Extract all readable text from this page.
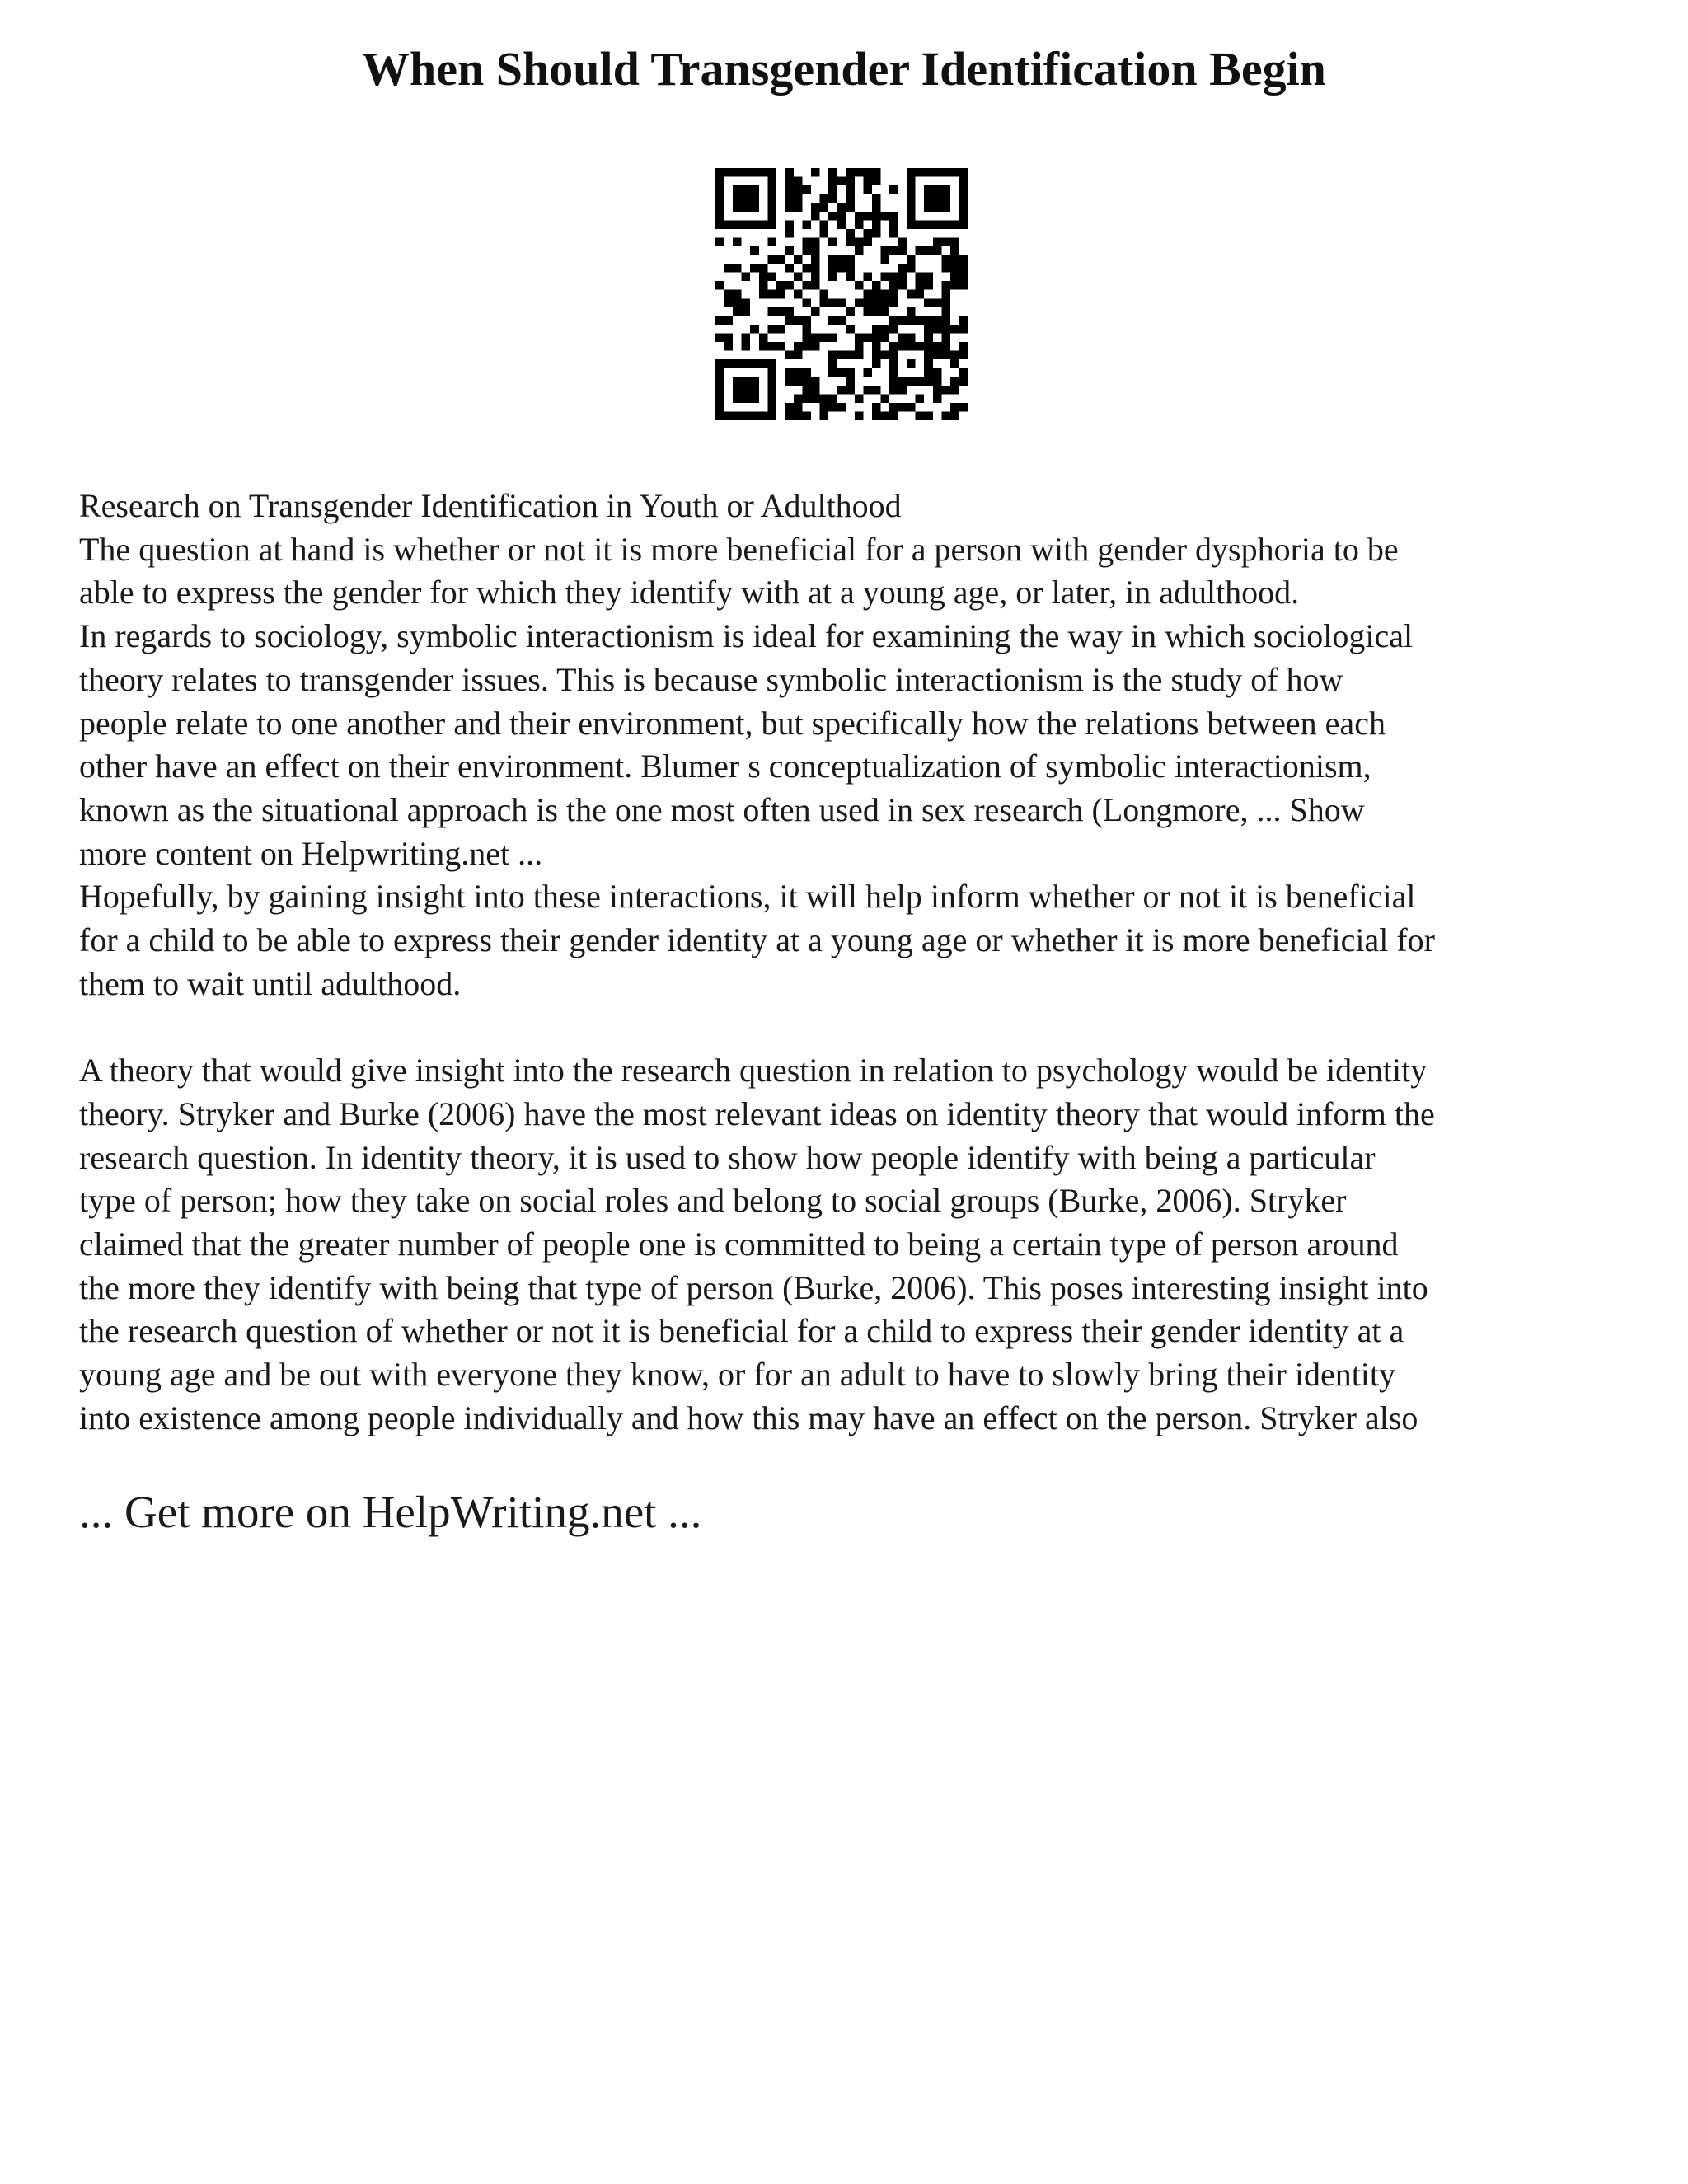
When Should Transgender Identification Begin

Research on Transgender Identification in Youth or Adulthood

The question at hand is whether or not it is more beneficial for a person with gender dysphoria to be

able to express the gender for which they identify with at a young age, or later, in adulthood.

In regards to sociology, symbolic interactionism is ideal for examining the way in which sociological

theory relates to transgender issues. This is because symbolic interactionism is the study of how

people relate to one another and their environment, but specifically how the relations between each

other have an effect on their environment. Blumer s conceptualization of symbolic interactionism,

known as the situational approach is the one most often used in sex research (Longmore, ... Show

more content on Helpwriting.net ...

Hopefully, by gaining insight into these interactions, it will help inform whether or not it is beneficial

for a child to be able to express their gender identity at a young age or whether it is more beneficial for

them to wait until adulthood.

A theory that would give insight into the research question in relation to psychology would be identity

theory. Stryker and Burke (2006) have the most relevant ideas on identity theory that would inform the

research question. In identity theory, it is used to show how people identify with being a particular

type of person; how they take on social roles and belong to social groups (Burke, 2006). Stryker

claimed that the greater number of people one is committed to being a certain type of person around

the more they identify with being that type of person (Burke, 2006). This poses interesting insight into

the research question of whether or not it is beneficial for a child to express their gender identity at a

young age and be out with everyone they know, or for an adult to have to slowly bring their identity

into existence among people individually and how this may have an effect on the person. Stryker also

... Get more on HelpWriting.net ...
